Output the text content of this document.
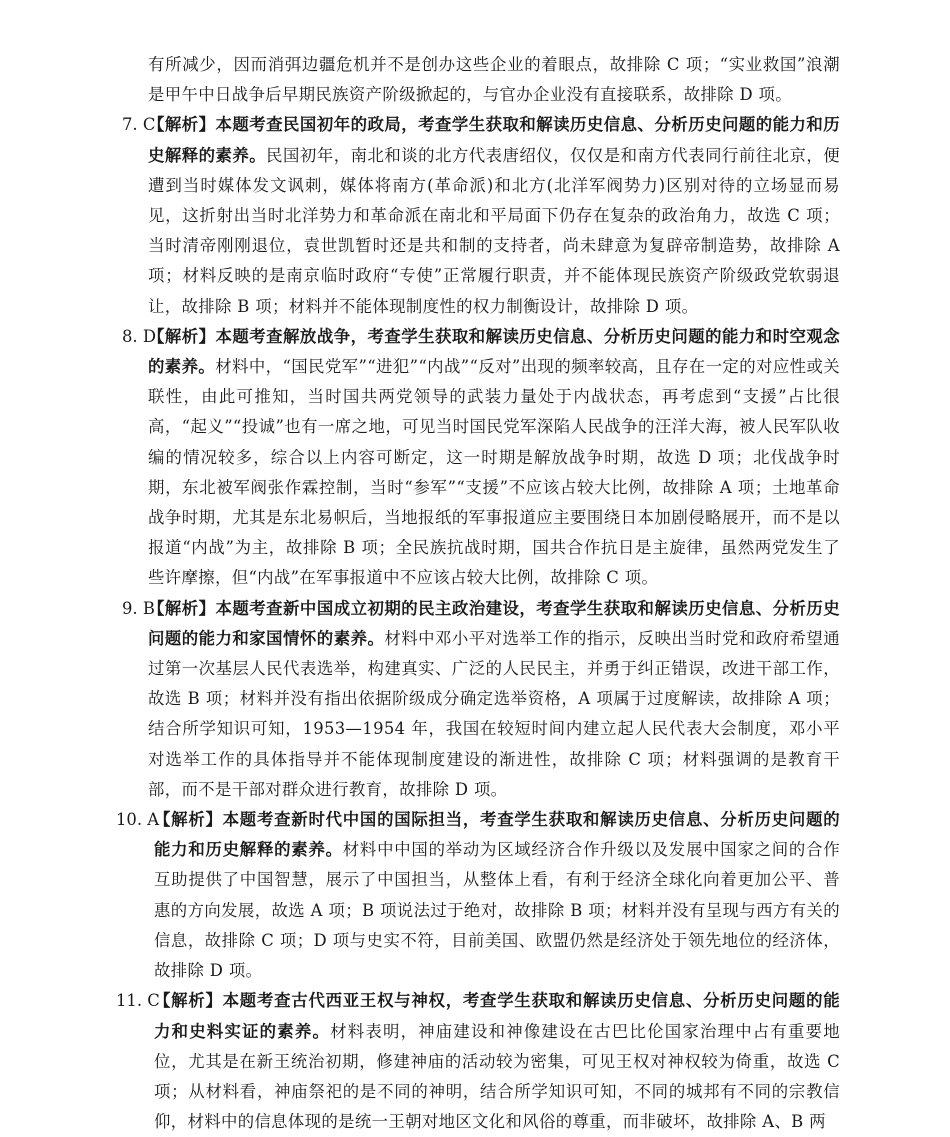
有所减少，因而消弭边疆危机并不是创办这些企业的着眼点，故排除 C 项；“实业救国”浪潮是甲午中日战争后早期民族资产阶级掀起的，与官办企业没有直接联系，故排除 D 项。

7. C

【解析】本题考查民国初年的政局，考查学生获取和解读历史信息、分析历史问题的能力和历史解释的素养。民国初年，南北和谈的北方代表唐绍仪，仅仅是和南方代表同行前往北京，便遭到当时媒体发文讽刺，媒体将南方(革命派)和北方(北洋军阀势力)区别对待的立场显而易见，这折射出当时北洋势力和革命派在南北和平局面下仍存在复杂的政治角力，故选 C 项；当时清帝刚刚退位，袁世凯暂时还是共和制的支持者，尚未肆意为复辟帝制造势，故排除 A 项；材料反映的是南京临时政府“专使”正常履行职责，并不能体现民族资产阶级政党软弱退让，故排除 B 项；材料并不能体现制度性的权力制衡设计，故排除 D 项。

8. D

【解析】本题考查解放战争，考查学生获取和解读历史信息、分析历史问题的能力和时空观念的素养。材料中，“国民党军”“进犯”“内战”“反对”出现的频率较高，且存在一定的对应性或关联性，由此可推知，当时国共两党领导的武装力量处于内战状态，再考虑到“支援”占比很高，“起义”“投诚”也有一席之地，可见当时国民党军深陷人民战争的汪洋大海，被人民军队收编的情况较多，综合以上内容可断定，这一时期是解放战争时期，故选 D 项；北伐战争时期，东北被军阀张作霖控制，当时“参军”“支援”不应该占较大比例，故排除 A 项；土地革命战争时期，尤其是东北易帜后，当地报纸的军事报道应主要围绕日本加剧侵略展开，而不是以报道“内战”为主，故排除 B 项；全民族抗战时期，国共合作抗日是主旋律，虽然两党发生了些许摩擦，但“内战”在军事报道中不应该占较大比例，故排除 C 项。

9. B

【解析】本题考查新中国成立初期的民主政治建设，考查学生获取和解读历史信息、分析历史问题的能力和家国情怀的素养。材料中邓小平对选举工作的指示，反映出当时党和政府希望通过第一次基层人民代表选举，构建真实、广泛的人民民主，并勇于纠正错误，改进干部工作，故选 B 项；材料并没有指出依据阶级成分确定选举资格，A 项属于过度解读，故排除 A 项；结合所学知识可知，1953—1954 年，我国在较短时间内建立起人民代表大会制度，邓小平对选举工作的具体指导并不能体现制度建设的渐进性，故排除 C 项；材料强调的是教育干部，而不是干部对群众进行教育，故排除 D 项。

10. A

【解析】本题考查新时代中国的国际担当，考查学生获取和解读历史信息、分析历史问题的能力和历史解释的素养。材料中中国的举动为区域经济合作升级以及发展中国家之间的合作互助提供了中国智慧，展示了中国担当，从整体上看，有利于经济全球化向着更加公平、普惠的方向发展，故选 A 项；B 项说法过于绝对，故排除 B 项；材料并没有呈现与西方有关的信息，故排除 C 项；D 项与史实不符，目前美国、欧盟仍然是经济处于领先地位的经济体，故排除 D 项。

11. C

【解析】本题考查古代西亚王权与神权，考查学生获取和解读历史信息、分析历史问题的能力和史料实证的素养。材料表明，神庙建设和神像建设在古巴比伦国家治理中占有重要地位，尤其是在新王统治初期，修建神庙的活动较为密集，可见王权对神权较为倚重，故选 C 项；从材料看，神庙祭祀的是不同的神明，结合所学知识可知，不同的城邦有不同的宗教信仰，材料中的信息体现的是统一王朝对地区文化和风俗的尊重，而非破坏，故排除 A、B 两
